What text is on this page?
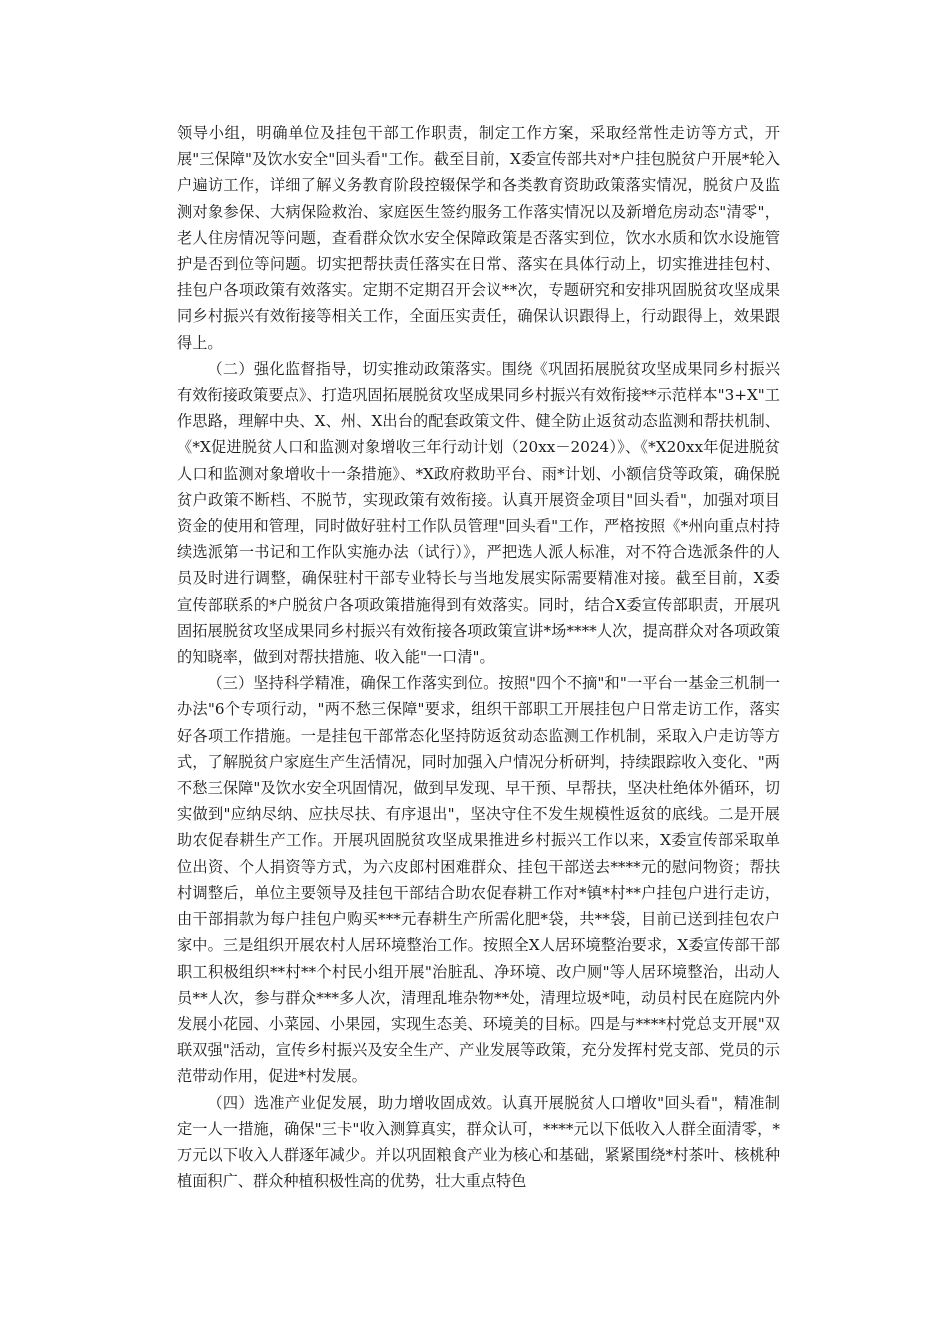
领导小组，明确单位及挂包干部工作职责，制定工作方案，采取经常性走访等方式，开展"三保障"及饮水安全"回头看"工作。截至目前，X委宣传部共对*户挂包脱贫户开展*轮入户遍访工作，详细了解义务教育阶段控辍保学和各类教育资助政策落实情况，脱贫户及监测对象参保、大病保险救治、家庭医生签约服务工作落实情况以及新增危房动态"清零"，老人住房情况等问题，查看群众饮水安全保障政策是否落实到位，饮水水质和饮水设施管护是否到位等问题。切实把帮扶责任落实在日常、落实在具体行动上，切实推进挂包村、挂包户各项政策有效落实。定期不定期召开会议**次，专题研究和安排巩固脱贫攻坚成果同乡村振兴有效衔接等相关工作，全面压实责任，确保认识跟得上，行动跟得上，效果跟得上。

（二）强化监督指导，切实推动政策落实。围绕《巩固拓展脱贫攻坚成果同乡村振兴有效衔接政策要点》、打造巩固拓展脱贫攻坚成果同乡村振兴有效衔接**示范样本"3+X"工作思路，理解中央、X、州、X出台的配套政策文件、健全防止返贫动态监测和帮扶机制、《*X促进脱贫人口和监测对象增收三年行动计划（20xx－2024）》、《*X20xx年促进脱贫人口和监测对象增收十一条措施》、*X政府救助平台、雨*计划、小额信贷等政策，确保脱贫户政策不断档、不脱节，实现政策有效衔接。认真开展资金项目"回头看"，加强对项目资金的使用和管理，同时做好驻村工作队员管理"回头看"工作，严格按照《*州向重点村持续选派第一书记和工作队实施办法（试行）》，严把选人派人标准，对不符合选派条件的人员及时进行调整，确保驻村干部专业特长与当地发展实际需要精准对接。截至目前，X委宣传部联系的*户脱贫户各项政策措施得到有效落实。同时，结合X委宣传部职责，开展巩固拓展脱贫攻坚成果同乡村振兴有效衔接各项政策宣讲*场****人次，提高群众对各项政策的知晓率，做到对帮扶措施、收入能"一口清"。

（三）坚持科学精准，确保工作落实到位。按照"四个不摘"和"一平台一基金三机制一办法"6个专项行动，"两不愁三保障"要求，组织干部职工开展挂包户日常走访工作，落实好各项工作措施。一是挂包干部常态化坚持防返贫动态监测工作机制，采取入户走访等方式，了解脱贫户家庭生产生活情况，同时加强入户情况分析研判，持续跟踪收入变化、"两不愁三保障"及饮水安全巩固情况，做到早发现、早干预、早帮扶，坚决杜绝体外循环，切实做到"应纳尽纳、应扶尽扶、有序退出"，坚决守住不发生规模性返贫的底线。二是开展助农促春耕生产工作。开展巩固脱贫攻坚成果推进乡村振兴工作以来，X委宣传部采取单位出资、个人捐资等方式，为六皮郎村困难群众、挂包干部送去****元的慰问物资；帮扶村调整后，单位主要领导及挂包干部结合助农促春耕工作对*镇*村**户挂包户进行走访，由干部捐款为每户挂包户购买***元春耕生产所需化肥*袋，共**袋，目前已送到挂包农户家中。三是组织开展农村人居环境整治工作。按照全X人居环境整治要求，X委宣传部干部职工积极组织**村**个村民小组开展"治脏乱、净环境、改户厕"等人居环境整治，出动人员**人次，参与群众***多人次，清理乱堆杂物**处，清理垃圾*吨，动员村民在庭院内外发展小花园、小菜园、小果园，实现生态美、环境美的目标。四是与****村党总支开展"双联双强"活动，宣传乡村振兴及安全生产、产业发展等政策，充分发挥村党支部、党员的示范带动作用，促进*村发展。

（四）选准产业促发展，助力增收固成效。认真开展脱贫人口增收"回头看"，精准制定一人一措施，确保"三卡"收入测算真实，群众认可，****元以下低收入人群全面清零，*万元以下收入人群逐年减少。并以巩固粮食产业为核心和基础，紧紧围绕*村茶叶、核桃种植面积广、群众种植积极性高的优势，壮大重点特色
